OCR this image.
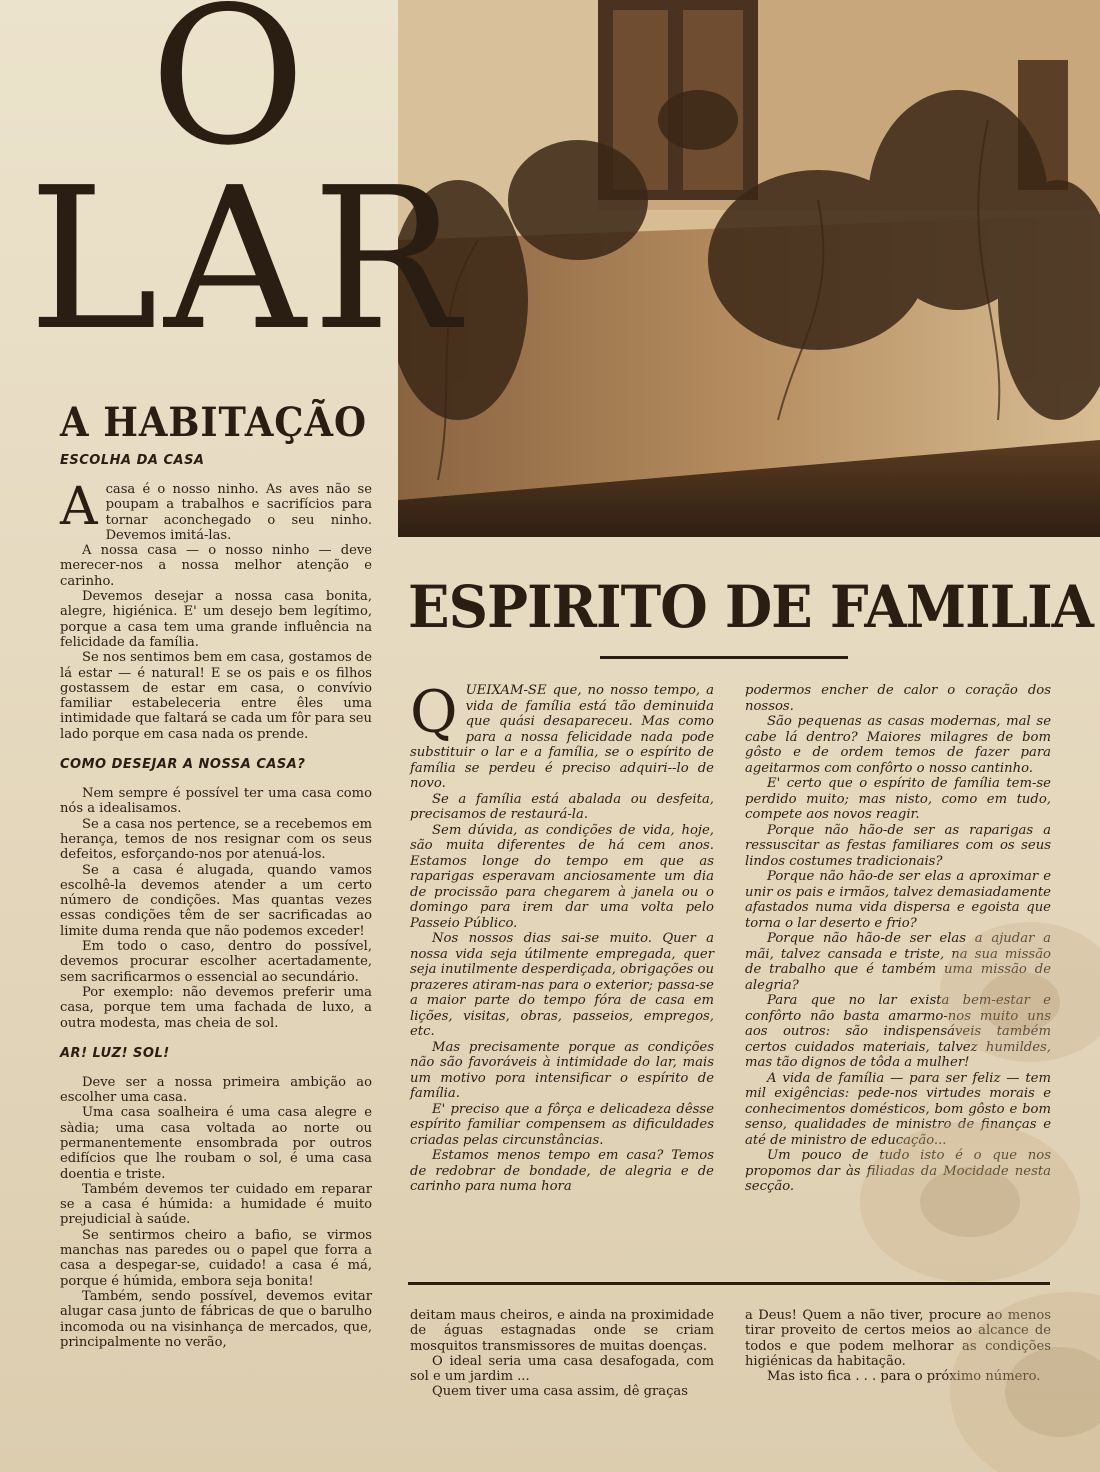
O
LAR
A HABITAÇÃO

ESCOLHA DA CASA

Acasa é o nosso ninho. As aves não se poupam a trabalhos e sacrifícios para tornar aconchegado o seu ninho. Devemos imitá-las.

A nossa casa — o nosso ninho — deve merecer-nos a nossa melhor atenção e carinho.

Devemos desejar a nossa casa bonita, alegre, higiénica. E' um desejo bem legítimo, porque a casa tem uma grande influência na felicidade da família.

Se nos sentimos bem em casa, gostamos de lá estar — é natural! E se os pais e os filhos gostassem de estar em casa, o convívio familiar estabeleceria entre êles uma intimidade que faltará se cada um fôr para seu lado porque em casa nada os prende.

COMO DESEJAR A NOSSA CASA?

Nem sempre é possível ter uma casa como nós a idealisamos.

Se a casa nos pertence, se a recebemos em herança, temos de nos resignar com os seus defeitos, esforçando-nos por atenuá-los.

Se a casa é alugada, quando vamos escolhê-la devemos atender a um certo número de condições. Mas quantas vezes essas condições têm de ser sacrificadas ao limite duma renda que não podemos exceder!

Em todo o caso, dentro do possível, devemos procurar escolher acertadamente, sem sacrificarmos o essencial ao secundário.

Por exemplo: não devemos preferir uma casa, porque tem uma fachada de luxo, a outra modesta, mas cheia de sol.

AR! LUZ! SOL!

Deve ser a nossa primeira ambição ao escolher uma casa.

Uma casa soalheira é uma casa alegre e sàdia; uma casa voltada ao norte ou permanentemente ensombrada por outros edifícios que lhe roubam o sol, é uma casa doentia e triste.

Também devemos ter cuidado em reparar se a casa é húmida: a humidade é muito prejudicial à saúde.

Se sentirmos cheiro a bafio, se virmos manchas nas paredes ou o papel que forra a casa a despegar-se, cuidado! a casa é má, porque é húmida, embora seja bonita!

Também, sendo possível, devemos evitar alugar casa junto de fábricas de que o barulho incomoda ou na visinhança de mercados, que, principalmente no verão,

ESPIRITO DE FAMILIA

QUEIXAM-SE que, no nosso tempo, a vida de família está tão deminuida que quási desapareceu. Mas como para a nossa felicidade nada pode substituir o lar e a família, se o espírito de família se perdeu é preciso adquiri--lo de novo.

Se a família está abalada ou desfeita, precisamos de restaurá-la.

Sem dúvida, as condições de vida, hoje, são muita diferentes de há cem anos. Estamos longe do tempo em que as raparigas esperavam anciosamente um dia de procissão para chegarem à janela ou o domingo para irem dar uma volta pelo Passeio Público.

Nos nossos dias sai-se muito. Quer a nossa vida seja útilmente empregada, quer seja inutilmente desperdiçada, obrigações ou prazeres atiram-nas para o exterior; passa-se a maior parte do tempo fóra de casa em lições, visitas, obras, passeios, empregos, etc.

Mas precisamente porque as condições não são favoráveis à intimidade do lar, mais um motivo pora intensificar o espírito de família.

E' preciso que a fôrça e delicadeza dêsse espírito familiar compensem as dificuldades criadas pelas circunstâncias.

Estamos menos tempo em casa? Temos de redobrar de bondade, de alegria e de carinho para numa hora

podermos encher de calor o coração dos nossos.

São pequenas as casas modernas, mal se cabe lá dentro? Maiores milagres de bom gôsto e de ordem temos de fazer para ageitarmos com confôrto o nosso cantinho.

E' certo que o espírito de família tem-se perdido muito; mas nisto, como em tudo, compete aos novos reagir.

Porque não hão-de ser as raparigas a ressuscitar as festas familiares com os seus lindos costumes tradicionais?

Porque não hão-de ser elas a aproximar e unir os pais e irmãos, talvez demasiadamente afastados numa vida dispersa e egoista que torna o lar deserto e frio?

Porque não hão-de ser elas a ajudar a mãi, talvez cansada e triste, na sua missão de trabalho que é também uma missão de alegria?

Para que no lar exista bem-estar e confôrto não basta amarmo-nos muito uns aos outros: são indispensáveis também certos cuidados materiais, talvez humildes, mas tão dignos de tôda a mulher!

A vida de família — para ser feliz — tem mil exigências: pede-nos virtudes morais e conhecimentos domésticos, bom gôsto e bom senso, qualidades de ministro de finanças e até de ministro de educação...

Um pouco de tudo isto é o que nos propomos dar às filiadas da Mocidade nesta secção.

deitam maus cheiros, e ainda na proximidade de águas estagnadas onde se criam mosquitos transmissores de muitas doenças.

O ideal seria uma casa desafogada, com sol e um jardim ...

Quem tiver uma casa assim, dê graças

a Deus! Quem a não tiver, procure ao menos tirar proveito de certos meios ao alcance de todos e que podem melhorar as condições higiénicas da habitação.

Mas isto fica . . . para o próximo número.
